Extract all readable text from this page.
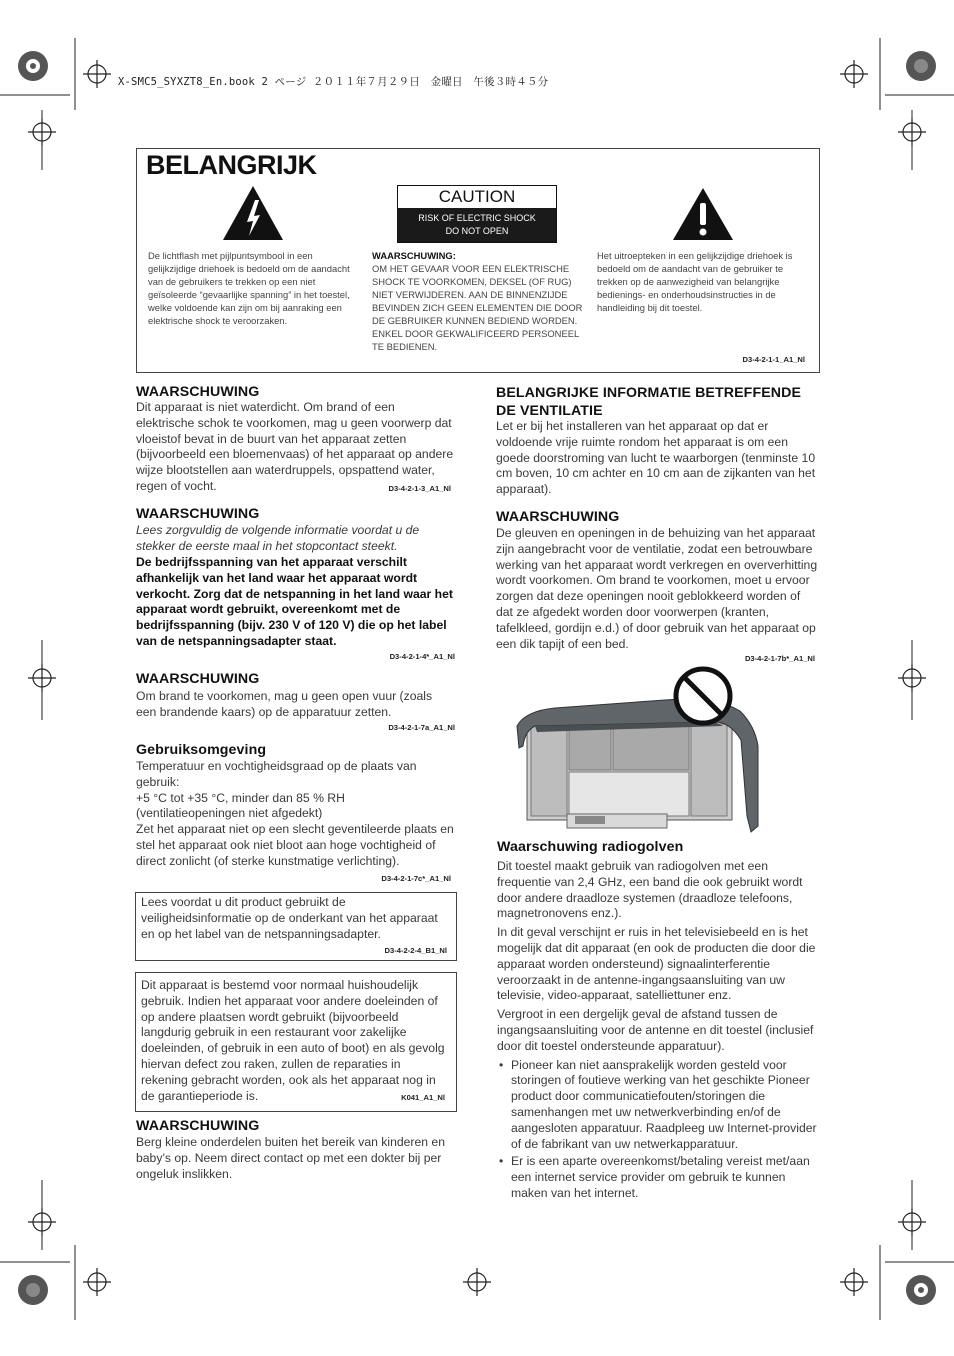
X-SMC5_SYXZT8_En.book 2 ページ ２０１１年７月２９日　金曜日　午後３時４５分
BELANGRIJK
CAUTION
RISK OF ELECTRIC SHOCK
DO NOT OPEN
De lichtflash met pijlpuntsymbool in een gelijkzijdige driehoek is bedoeld om de aandacht van de gebruikers te trekken op een niet geïsoleerde “gevaarlijke spanning” in het toestel, welke voldoende kan zijn om bij aanraking een elektrische shock te veroorzaken.
WAARSCHUWING:
OM HET GEVAAR VOOR EEN ELEKTRISCHE SHOCK TE VOORKOMEN, DEKSEL (OF RUG) NIET VERWIJDEREN. AAN DE BINNENZIJDE BEVINDEN ZICH GEEN ELEMENTEN DIE DOOR DE GEBRUIKER KUNNEN BEDIEND WORDEN. ENKEL DOOR GEKWALIFICEERD PERSONEEL TE BEDIENEN.
Het uitroepteken in een gelijkzijdige driehoek is bedoeld om de aandacht van de gebruiker te trekken op de aanwezigheid van belangrijke bedienings- en onderhoudsinstructies in de handleiding bij dit toestel.
D3-4-2-1-1_A1_Nl
WAARSCHUWING
Dit apparaat is niet waterdicht. Om brand of een elektrische schok te voorkomen, mag u geen voorwerp dat vloeistof bevat in de buurt van het apparaat zetten (bijvoorbeeld een bloemenvaas) of het apparaat op andere wijze blootstellen aan waterdruppels, opspattend water, regen of vocht.	D3-4-2-1-3_A1_Nl
WAARSCHUWING
Lees zorgvuldig de volgende informatie voordat u de stekker de eerste maal in het stopcontact steekt.
De bedrijfsspanning van het apparaat verschilt afhankelijk van het land waar het apparaat wordt verkocht. Zorg dat de netspanning in het land waar het apparaat wordt gebruikt, overeenkomt met de bedrijfsspanning (bijv. 230 V of 120 V) die op het label van de netspanningsadapter staat.
D3-4-2-1-4*_A1_Nl
WAARSCHUWING
Om brand te voorkomen, mag u geen open vuur (zoals een brandende kaars) op de apparatuur zetten.
D3-4-2-1-7a_A1_Nl
Gebruiksomgeving
Temperatuur en vochtigheidsgraad op de plaats van gebruik:
+5 °C tot +35 °C, minder dan 85 % RH (ventilatieopeningen niet afgedekt)
Zet het apparaat niet op een slecht geventileerde plaats en stel het apparaat ook niet bloot aan hoge vochtigheid of direct zonlicht (of sterke kunstmatige verlichting).
D3-4-2-1-7c*_A1_Nl
Lees voordat u dit product gebruikt de veiligheidsinformatie op de onderkant van het apparaat en op het label van de netspanningsadapter.
D3-4-2-2-4_B1_Nl
Dit apparaat is bestemd voor normaal huishoudelijk gebruik. Indien het apparaat voor andere doeleinden of op andere plaatsen wordt gebruikt (bijvoorbeeld langdurig gebruik in een restaurant voor zakelijke doeleinden, of gebruik in een auto of boot) en als gevolg hiervan defect zou raken, zullen de reparaties in rekening gebracht worden, ook als het apparaat nog in de garantieperiode is.	K041_A1_Nl
WAARSCHUWING
Berg kleine onderdelen buiten het bereik van kinderen en baby’s op. Neem direct contact op met een dokter bij per ongeluk inslikken.
BELANGRIJKE INFORMATIE BETREFFENDE DE VENTILATIE
Let er bij het installeren van het apparaat op dat er voldoende vrije ruimte rondom het apparaat is om een goede doorstroming van lucht te waarborgen (tenminste 10 cm boven, 10 cm achter en 10 cm aan de zijkanten van het apparaat).
WAARSCHUWING
De gleuven en openingen in de behuizing van het apparaat zijn aangebracht voor de ventilatie, zodat een betrouwbare werking van het apparaat wordt verkregen en oververhitting wordt voorkomen. Om brand te voorkomen, moet u ervoor zorgen dat deze openingen nooit geblokkeerd worden of dat ze afgedekt worden door voorwerpen (kranten, tafelkleed, gordijn e.d.) of door gebruik van het apparaat op een dik tapijt of een bed.
D3-4-2-1-7b*_A1_Nl
Waarschuwing radiogolven

Dit toestel maakt gebruik van radiogolven met een frequentie van 2,4 GHz, een band die ook gebruikt wordt door andere draadloze systemen (draadloze telefoons, magnetronovens enz.).

In dit geval verschijnt er ruis in het televisiebeeld en is het mogelijk dat dit apparaat (en ook de producten die door die apparaat worden ondersteund) signaalinterferentie veroorzaakt in de antenne-ingangsaansluiting van uw televisie, video-apparaat, satelliettuner enz.

Vergroot in een dergelijk geval de afstand tussen de ingangsaansluiting voor de antenne en dit toestel (inclusief door dit toestel ondersteunde apparatuur).

• Pioneer kan niet aansprakelijk worden gesteld voor storingen of foutieve werking van het geschikte Pioneer product door communicatiefouten/storingen die samenhangen met uw netwerkverbinding en/of de aangesloten apparatuur. Raadpleeg uw Internet-provider of de fabrikant van uw netwerkapparatuur.
• Er is een aparte overeenkomst/betaling vereist met/aan een internet service provider om gebruik te kunnen maken van het internet.
